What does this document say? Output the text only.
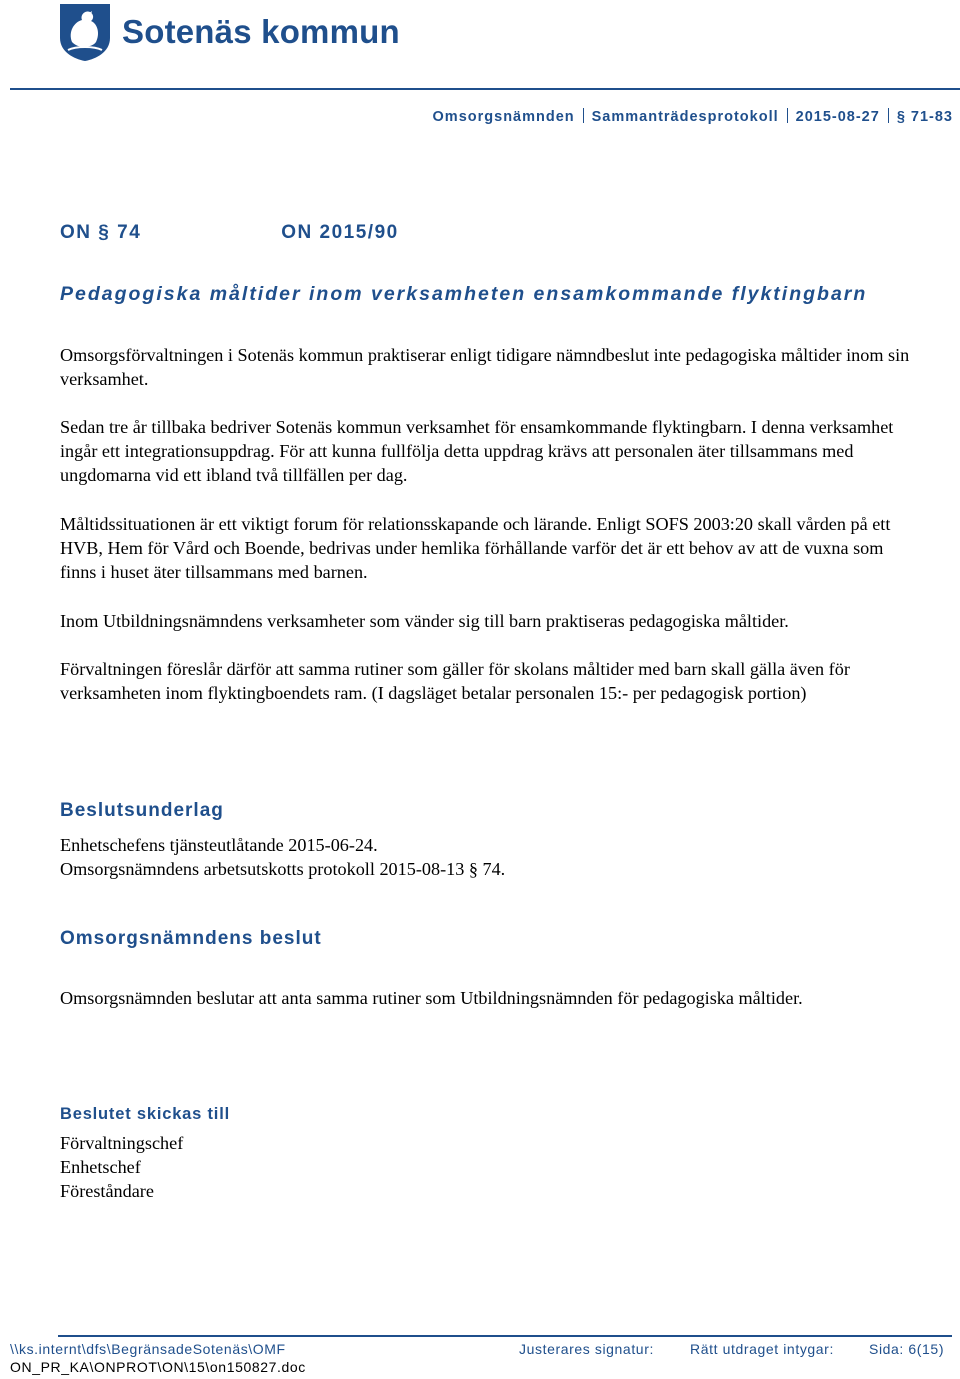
Sotenäs kommun
Omsorgsnämnden Sammanträdesprotokoll 2015-08-27 § 71-83
ON § 74	ON 2015/90
Pedagogiska måltider inom verksamheten ensamkommande flyktingbarn

Omsorgsförvaltningen i Sotenäs kommun praktiserar enligt tidigare nämndbeslut inte pedagogiska måltider inom sin verksamhet.

Sedan tre år tillbaka bedriver Sotenäs kommun verksamhet för ensamkommande flyktingbarn. I denna verksamhet ingår ett integrationsuppdrag. För att kunna fullfölja detta uppdrag krävs att personalen äter tillsammans med ungdomarna vid ett ibland två tillfällen per dag.

Måltidssituationen är ett viktigt forum för relationsskapande och lärande. Enligt SOFS 2003:20 skall vården på ett HVB, Hem för Vård och Boende, bedrivas under hemlika förhållande varför det är ett behov av att de vuxna som finns i huset äter tillsammans med barnen.

Inom Utbildningsnämndens verksamheter som vänder sig till barn praktiseras pedagogiska måltider.

Förvaltningen föreslår därför att samma rutiner som gäller för skolans måltider med barn skall gälla även för verksamheten inom flyktingboendets ram. (I dagsläget betalar personalen 15:- per pedagogisk portion)

Beslutsunderlag
Enhetschefens tjänsteutlåtande 2015-06-24.
Omsorgsnämndens arbetsutskotts protokoll 2015-08-13 § 74.
Omsorgsnämndens beslut

Omsorgsnämnden beslutar att anta samma rutiner som Utbildningsnämnden för pedagogiska måltider.

Beslutet skickas till
Förvaltningschef
Enhetschef
Föreståndare
\\ks.internt\dfs\BegränsadeSotenäs\OMF
ON_PR_KA\ONPROT\ON\15\on150827.doc
Justerares signatur:	Rätt utdraget intygar:	Sida: 6(15)
